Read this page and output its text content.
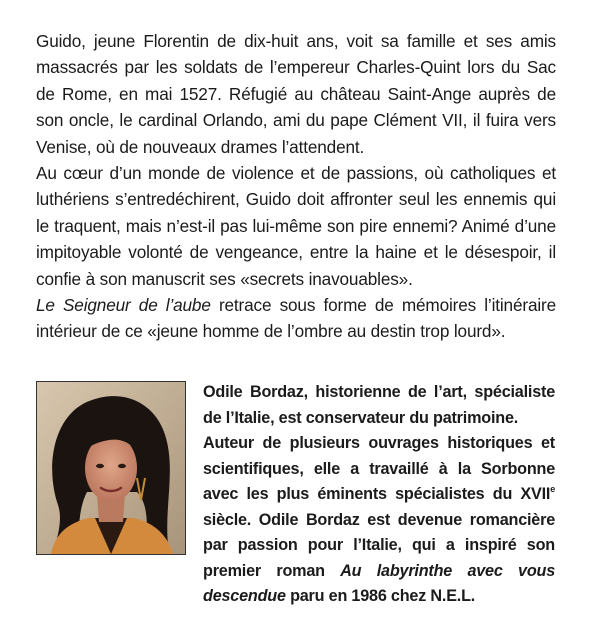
Guido, jeune Florentin de dix-huit ans, voit sa famille et ses amis massacrés par les soldats de l’empereur Charles-Quint lors du Sac de Rome, en mai 1527. Réfugié au château Saint-Ange auprès de son oncle, le cardinal Orlando, ami du pape Clément VII, il fuira vers Venise, où de nouveaux drames l’attendent.

Au cœur d’un monde de violence et de passions, où catholiques et luthériens s’entredéchirent, Guido doit affronter seul les ennemis qui le traquent, mais n’est-il pas lui-même son pire ennemi? Animé d’une impitoyable volonté de vengeance, entre la haine et le désespoir, il confie à son manuscrit ses «secrets inavouables».

Le Seigneur de l’aube retrace sous forme de mémoires l’itinéraire intérieur de ce «jeune homme de l’ombre au destin trop lourd».

Odile Bordaz, historienne de l’art, spécialiste de l’Italie, est conservateur du patrimoine.

Auteur de plusieurs ouvrages historiques et scientifiques, elle a travaillé à la Sorbonne avec les plus éminents spécialistes du XVIIe siècle. Odile Bordaz est devenue romancière par passion pour l’Italie, qui a inspiré son premier roman Au labyrinthe avec vous descendue paru en 1986 chez N.E.L.
